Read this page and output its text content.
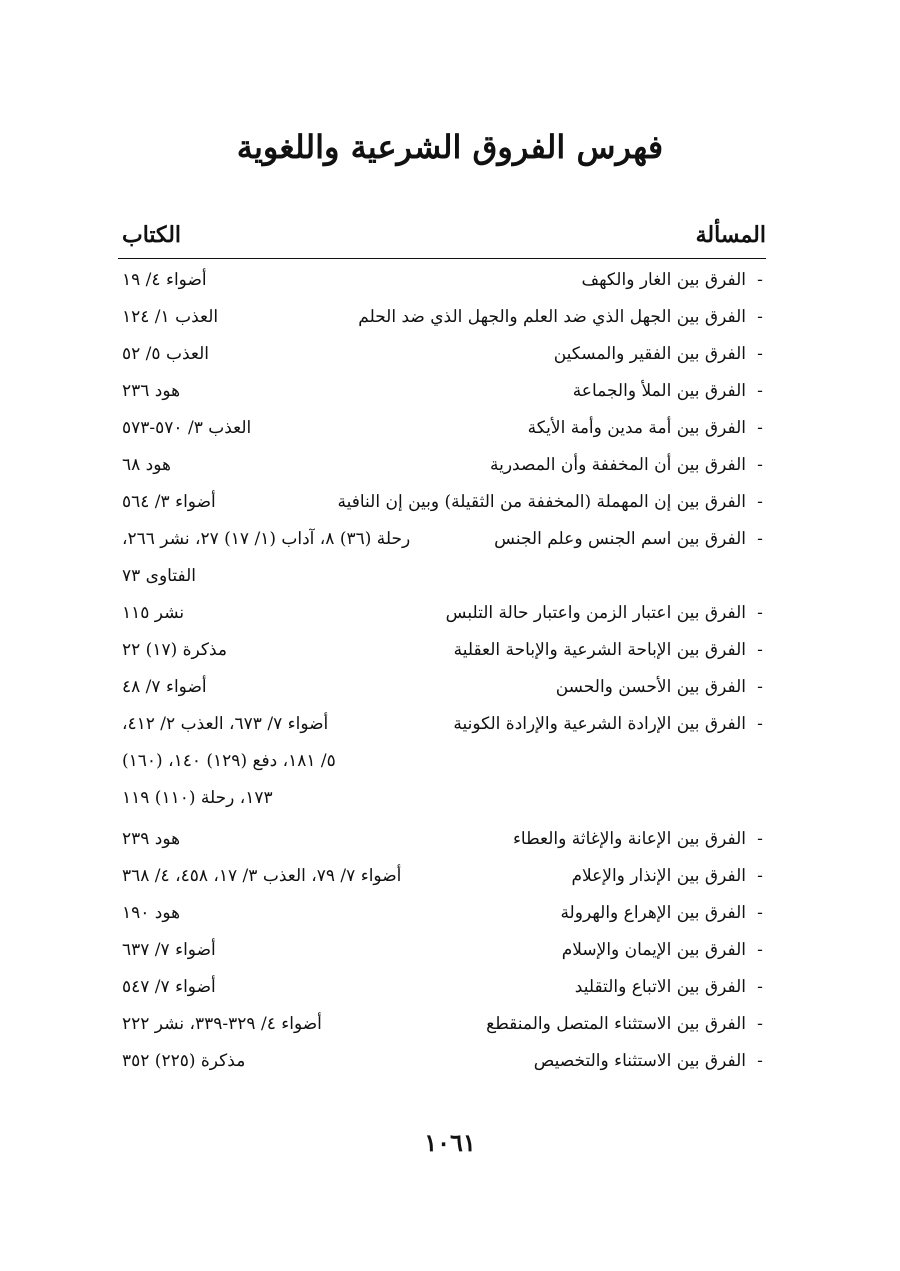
فهرس الفروق الشرعية واللغوية
المسألة
الكتاب
-
الفرق بين الغار والكهف
أضواء ٤/ ١٩
-
الفرق بين الجهل الذي ضد العلم والجهل الذي ضد الحلم
العذب ١/ ١٢٤
-
الفرق بين الفقير والمسكين
العذب ٥/ ٥٢
-
الفرق بين الملأ والجماعة
هود ٢٣٦
-
الفرق بين أمة مدين وأمة الأيكة
العذب ٣/ ٥٧٠-٥٧٣
-
الفرق بين أن المخففة وأن المصدرية
هود ٦٨
-
الفرق بين إن المهملة (المخففة من الثقيلة) وبين إن النافية
أضواء ٣/ ٥٦٤
-
الفرق بين اسم الجنس وعلم الجنس
رحلة (٣٦) ٨، آداب (١/ ١٧) ٢٧، نشر ٢٦٦،
الفتاوى ٧٣
-
الفرق بين اعتبار الزمن واعتبار حالة التلبس
نشر ١١٥
-
الفرق بين الإباحة الشرعية والإباحة العقلية
مذكرة (١٧) ٢٢
-
الفرق بين الأحسن والحسن
أضواء ٧/ ٤٨
-
الفرق بين الإرادة الشرعية والإرادة الكونية
أضواء ٧/ ٦٧٣، العذب ٢/ ٤١٢،
٥/ ١٨١، دفع (١٢٩) ١٤٠، (١٦٠)
١٧٣، رحلة (١١٠) ١١٩
-
الفرق بين الإعانة والإغاثة والعطاء
هود ٢٣٩
-
الفرق بين الإنذار والإعلام
أضواء ٧/ ٧٩، العذب ٣/ ١٧، ٤٥٨، ٤/ ٣٦٨
-
الفرق بين الإهراع والهرولة
هود ١٩٠
-
الفرق بين الإيمان والإسلام
أضواء ٧/ ٦٣٧
-
الفرق بين الاتباع والتقليد
أضواء ٧/ ٥٤٧
-
الفرق بين الاستثناء المتصل والمنقطع
أضواء ٤/ ٣٢٩-٣٣٩، نشر ٢٢٢
-
الفرق بين الاستثناء والتخصيص
مذكرة (٢٢٥) ٣٥٢
١٠٦١
